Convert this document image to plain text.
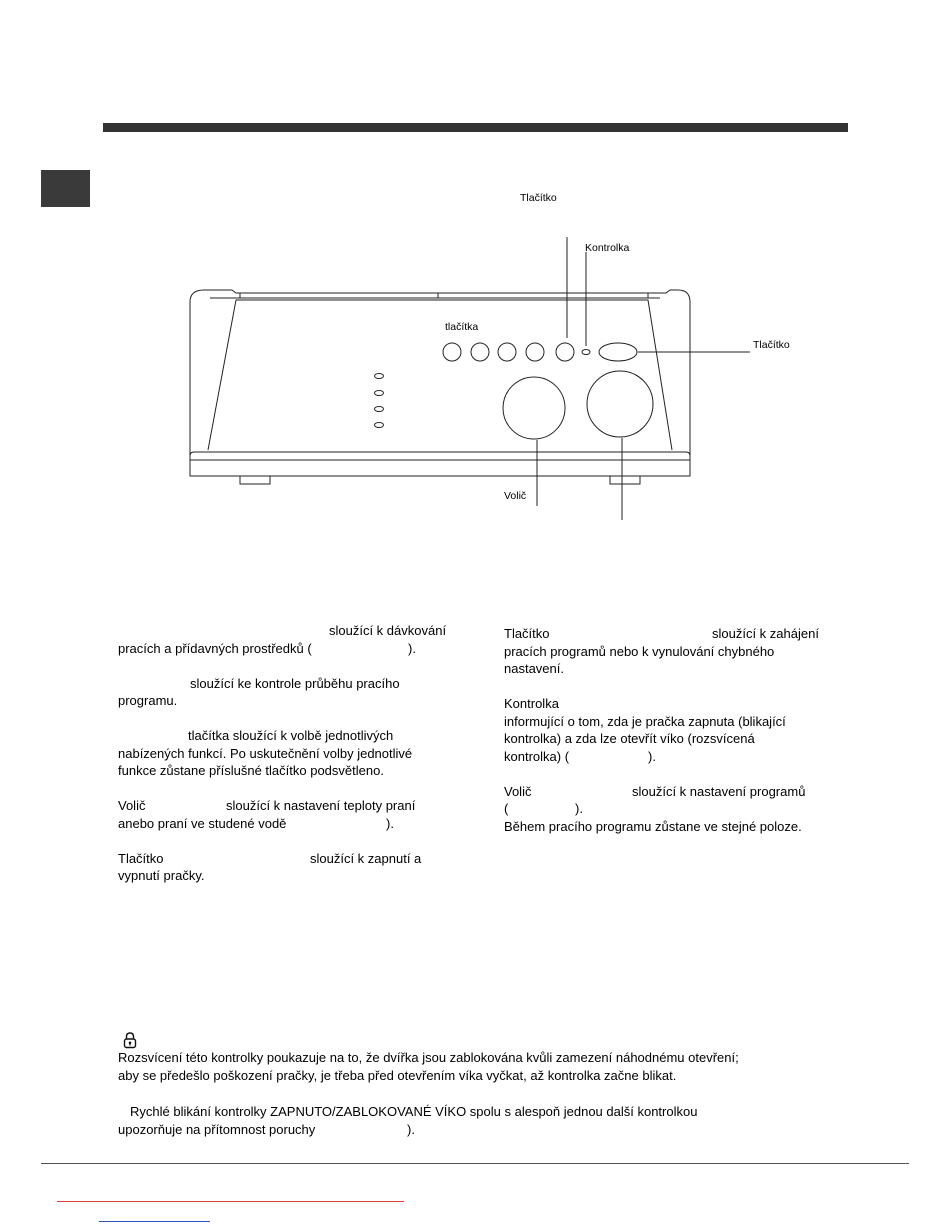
Tlačítko
Kontrolka
tlačítka
Tlačítko
Volič
sloužící k dávkování
pracích a přídavných prostředků (	).
sloužící ke kontrole průběhu pracího
programu.
tlačítka sloužící k volbě jednotlivých
nabízených funkcí. Po uskutečnění volby jednotlivé
funkce zůstane příslušné tlačítko podsvětleno.
Volič	sloužící k nastavení teploty praní
anebo praní ve studené vodě	).
Tlačítko	sloužící k zapnutí a
vypnutí pračky.
Tlačítko	sloužící k zahájení
pracích programů nebo k vynulování chybného
nastavení.
Kontrolka
informující o tom, zda je pračka zapnuta (blikající
kontrolka) a zda lze otevřít víko (rozsvícená
kontrolka) (	).
Volič	sloužící k nastavení programů
(	).
Během pracího programu zůstane ve stejné poloze.
Rozsvícení této kontrolky poukazuje na to, že dvířka jsou zablokována kvůli zamezení náhodnému otevření;
aby se předešlo poškození pračky, je třeba před otevřením víka vyčkat, až kontrolka začne blikat.
Rychlé blikání kontrolky ZAPNUTO/ZABLOKOVANÉ VÍKO spolu s alespoň jednou další kontrolkou
upozorňuje na přítomnost poruchy	).
